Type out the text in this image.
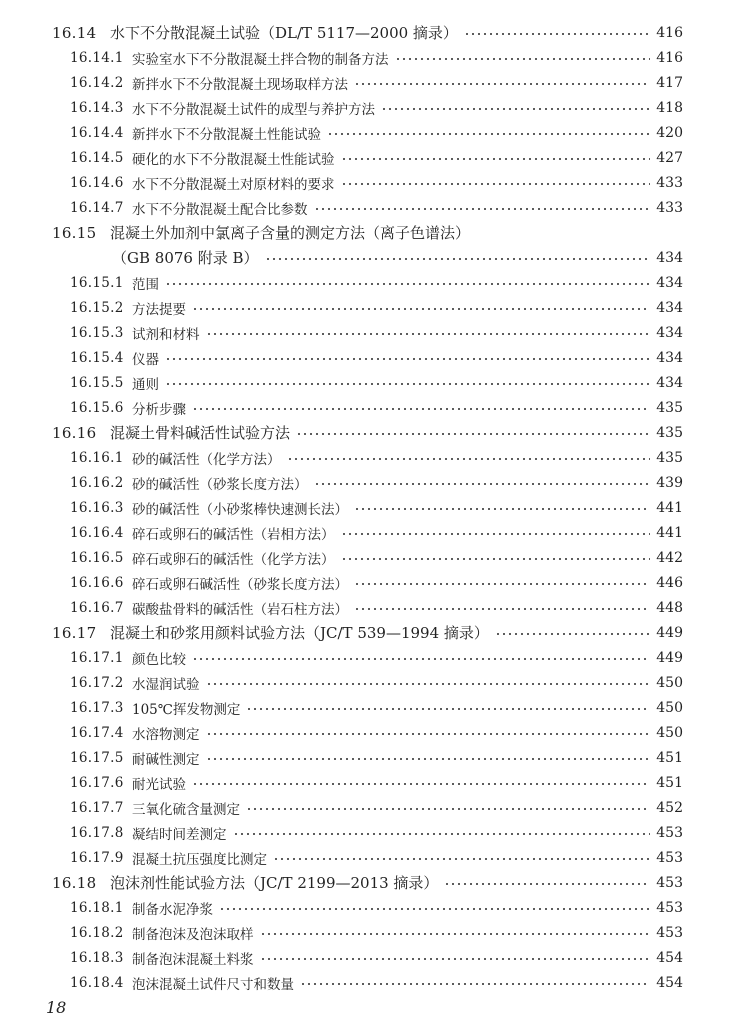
16.14 水下不分散混凝土试验（DL/T 5117—2000 摘录）	416
16.14.1 实验室水下不分散混凝土拌合物的制备方法	416
16.14.2 新拌水下不分散混凝土现场取样方法	417
16.14.3 水下不分散混凝土试件的成型与养护方法	418
16.14.4 新拌水下不分散混凝土性能试验	420
16.14.5 硬化的水下不分散混凝土性能试验	427
16.14.6 水下不分散混凝土对原材料的要求	433
16.14.7 水下不分散混凝土配合比参数	433
16.15 混凝土外加剂中氯离子含量的测定方法（离子色谱法）
（GB 8076 附录 B）	434
16.15.1 范围	434
16.15.2 方法提要	434
16.15.3 试剂和材料	434
16.15.4 仪器	434
16.15.5 通则	434
16.15.6 分析步骤	435
16.16 混凝土骨料碱活性试验方法	435
16.16.1 砂的碱活性（化学方法）	435
16.16.2 砂的碱活性（砂浆长度方法）	439
16.16.3 砂的碱活性（小砂浆棒快速测长法）	441
16.16.4 碎石或卵石的碱活性（岩相方法）	441
16.16.5 碎石或卵石的碱活性（化学方法）	442
16.16.6 碎石或卵石碱活性（砂浆长度方法）	446
16.16.7 碳酸盐骨料的碱活性（岩石柱方法）	448
16.17 混凝土和砂浆用颜料试验方法（JC/T 539—1994 摘录）	449
16.17.1 颜色比较	449
16.17.2 水湿润试验	450
16.17.3 105℃挥发物测定	450
16.17.4 水溶物测定	450
16.17.5 耐碱性测定	451
16.17.6 耐光试验	451
16.17.7 三氧化硫含量测定	452
16.17.8 凝结时间差测定	453
16.17.9 混凝土抗压强度比测定	453
16.18 泡沫剂性能试验方法（JC/T 2199—2013 摘录）	453
16.18.1 制备水泥净浆	453
16.18.2 制备泡沫及泡沫取样	453
16.18.3 制备泡沫混凝土料浆	454
16.18.4 泡沫混凝土试件尺寸和数量	454
18
